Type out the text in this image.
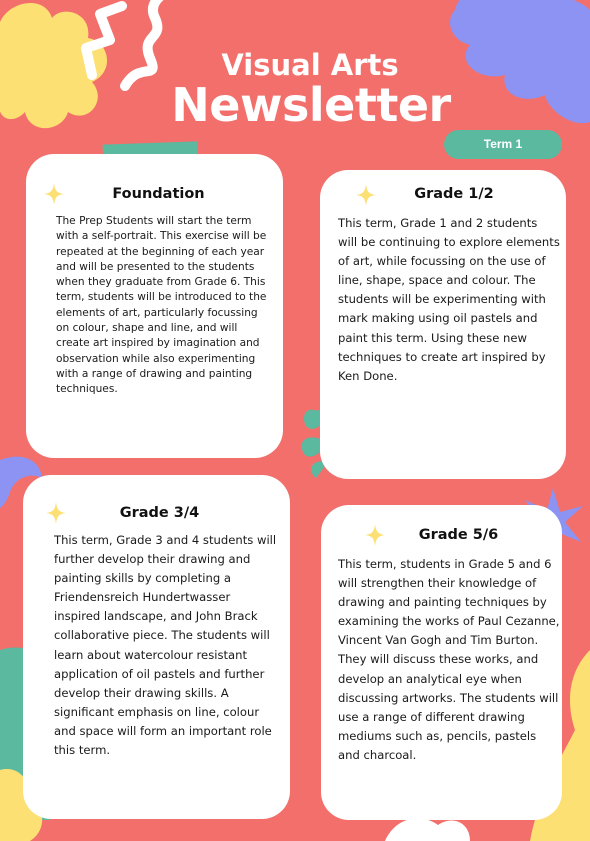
Visual Arts
Newsletter
Term 1
Foundation

The Prep Students will start the term with a self-portrait. This exercise will be repeated at the beginning of each year and will be presented to the students when they graduate from Grade 6. This term, students will be introduced to the elements of art, particularly focussing on colour, shape and line, and will create art inspired by imagination and observation while also experimenting with a range of drawing and painting techniques.

Grade 1/2

This term, Grade 1 and 2 students will be continuing to explore elements of art, while focussing on the use of line, shape, space and colour. The students will be experimenting with mark making using oil pastels and paint this term. Using these new techniques to create art inspired by Ken Done.

Grade 3/4

This term, Grade 3 and 4 students will further develop their drawing and painting skills by completing a Friendensreich Hundertwasser inspired landscape, and John Brack collaborative piece. The students will learn about watercolour resistant application of oil pastels and further develop their drawing skills. A significant emphasis on line, colour and space will form an important role this term.

Grade 5/6

This term, students in Grade 5 and 6 will strengthen their knowledge of drawing and painting techniques by examining the works of Paul Cezanne, Vincent Van Gogh and Tim Burton. They will discuss these works, and develop an analytical eye when discussing artworks. The students will use a range of different drawing mediums such as, pencils, pastels and charcoal.
